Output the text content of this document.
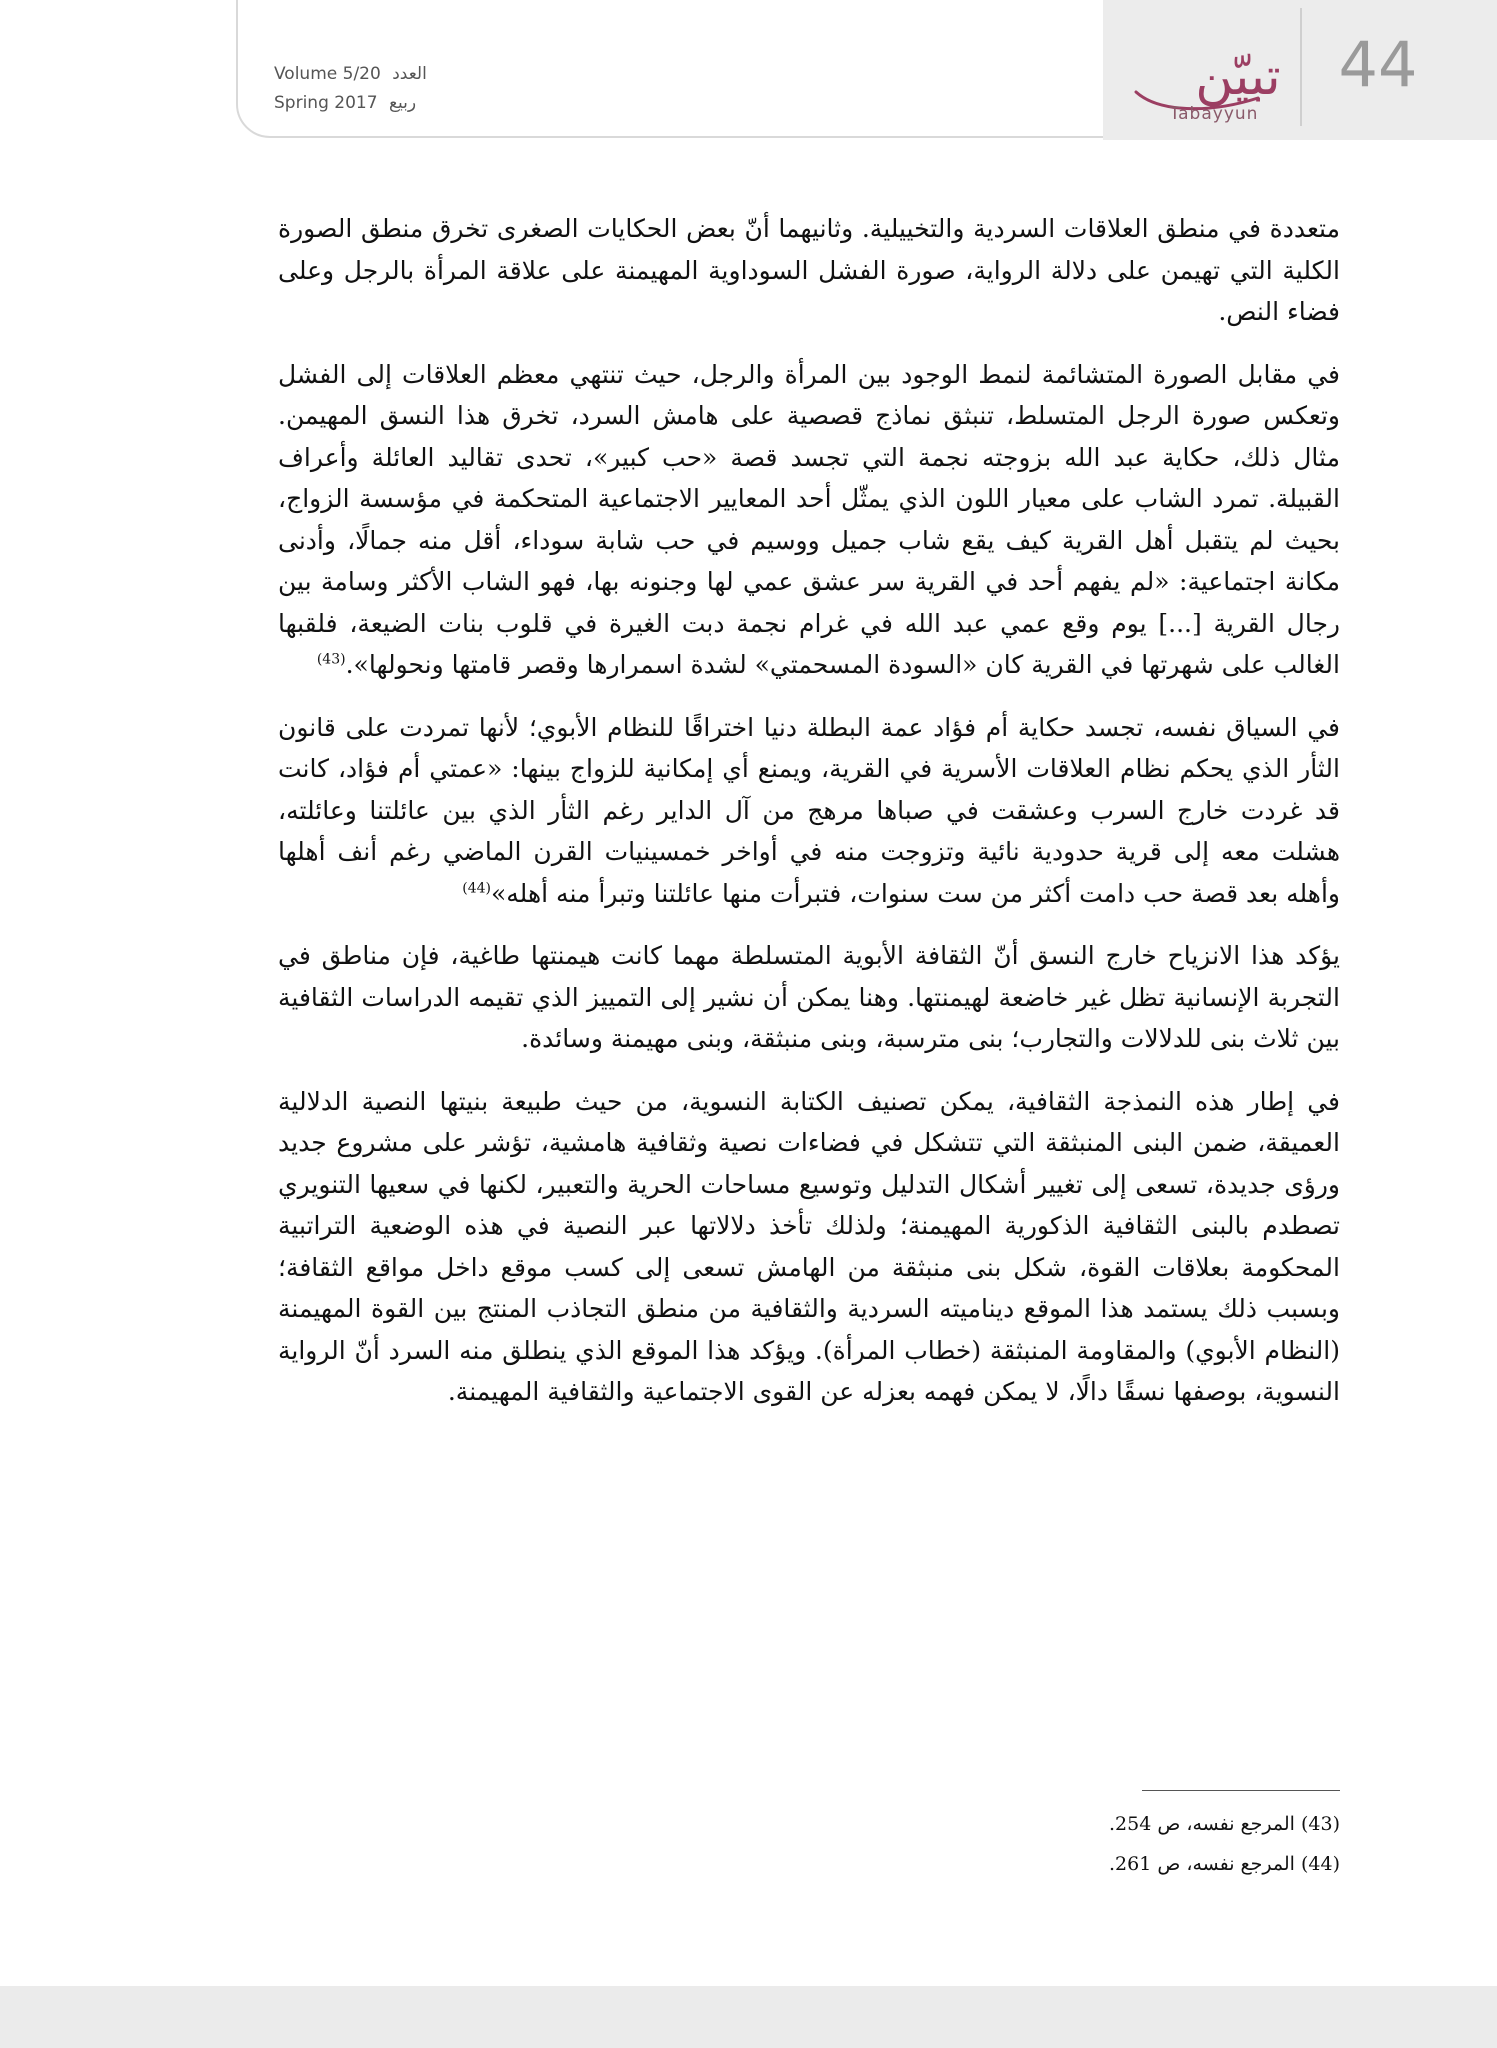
44
تبيّن
Tabayyun
Volume 5/20 العدد
Spring 2017 ربيع

متعددة في منطق العلاقات السردية والتخييلية. وثانيهما أنّ بعض الحكايات الصغرى تخرق منطق الصورة الكلية التي تهيمن على دلالة الرواية، صورة الفشل السوداوية المهيمنة على علاقة المرأة بالرجل وعلى فضاء النص.

في مقابل الصورة المتشائمة لنمط الوجود بين المرأة والرجل، حيث تنتهي معظم العلاقات إلى الفشل وتعكس صورة الرجل المتسلط، تنبثق نماذج قصصية على هامش السرد، تخرق هذا النسق المهيمن. مثال ذلك، حكاية عبد الله بزوجته نجمة التي تجسد قصة «حب كبير»، تحدى تقاليد العائلة وأعراف القبيلة. تمرد الشاب على معيار اللون الذي يمثّل أحد المعايير الاجتماعية المتحكمة في مؤسسة الزواج، بحيث لم يتقبل أهل القرية كيف يقع شاب جميل ووسيم في حب شابة سوداء، أقل منه جمالًا، وأدنى مكانة اجتماعية: «لم يفهم أحد في القرية سر عشق عمي لها وجنونه بها، فهو الشاب الأكثر وسامة بين رجال القرية [...] يوم وقع عمي عبد الله في غرام نجمة دبت الغيرة في قلوب بنات الضيعة، فلقبها الغالب على شهرتها في القرية كان «السودة المسحمتي» لشدة اسمرارها وقصر قامتها ونحولها».$^{(43)}$

في السياق نفسه، تجسد حكاية أم فؤاد عمة البطلة دنيا اختراقًا للنظام الأبوي؛ لأنها تمردت على قانون الثأر الذي يحكم نظام العلاقات الأسرية في القرية، ويمنع أي إمكانية للزواج بينها: «عمتي أم فؤاد، كانت قد غردت خارج السرب وعشقت في صباها مرهج من آل الداير رغم الثأر الذي بين عائلتنا وعائلته، هشلت معه إلى قرية حدودية نائية وتزوجت منه في أواخر خمسينيات القرن الماضي رغم أنف أهلها وأهله بعد قصة حب دامت أكثر من ست سنوات، فتبرأت منها عائلتنا وتبرأ منه أهله»$^{(44)}$

يؤكد هذا الانزياح خارج النسق أنّ الثقافة الأبوية المتسلطة مهما كانت هيمنتها طاغية، فإن مناطق في التجربة الإنسانية تظل غير خاضعة لهيمنتها. وهنا يمكن أن نشير إلى التمييز الذي تقيمه الدراسات الثقافية بين ثلاث بنى للدلالات والتجارب؛ بنى مترسبة، وبنى منبثقة، وبنى مهيمنة وسائدة.

في إطار هذه النمذجة الثقافية، يمكن تصنيف الكتابة النسوية، من حيث طبيعة بنيتها النصية الدلالية العميقة، ضمن البنى المنبثقة التي تتشكل في فضاءات نصية وثقافية هامشية، تؤشر على مشروع جديد ورؤى جديدة، تسعى إلى تغيير أشكال التدليل وتوسيع مساحات الحرية والتعبير، لكنها في سعيها التنويري تصطدم بالبنى الثقافية الذكورية المهيمنة؛ ولذلك تأخذ دلالاتها عبر النصية في هذه الوضعية التراتبية المحكومة بعلاقات القوة، شكل بنى منبثقة من الهامش تسعى إلى كسب موقع داخل مواقع الثقافة؛ وبسبب ذلك يستمد هذا الموقع ديناميته السردية والثقافية من منطق التجاذب المنتج بين القوة المهيمنة (النظام الأبوي) والمقاومة المنبثقة (خطاب المرأة). ويؤكد هذا الموقع الذي ينطلق منه السرد أنّ الرواية النسوية، بوصفها نسقًا دالًا، لا يمكن فهمه بعزله عن القوى الاجتماعية والثقافية المهيمنة.

(43) المرجع نفسه، ص 254.
(44) المرجع نفسه، ص 261.
